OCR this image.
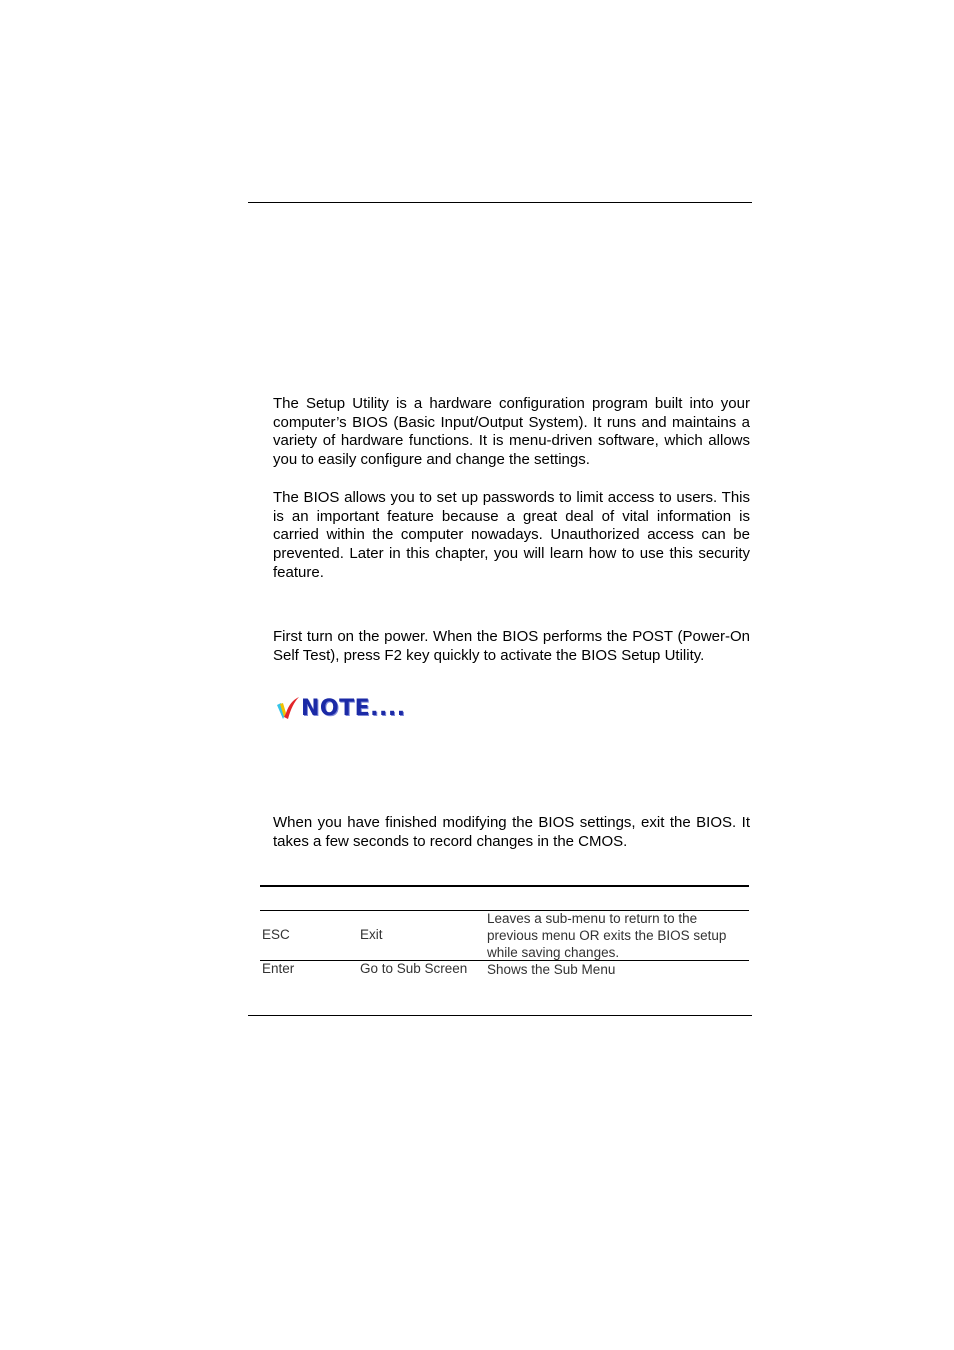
The Setup Utility is a hardware configuration program built into your computer’s BIOS (Basic Input/Output System). It runs and maintains a variety of hardware functions. It is menu-driven software, which allows you to easily configure and change the settings.

The BIOS allows you to set up passwords to limit access to users. This is an important feature because a great deal of vital information is carried within the computer nowadays. Unauthorized access can be prevented. Later in this chapter, you will learn how to use this security feature.

First turn on the power. When the BIOS performs the POST (Power-On Self Test), press F2 key quickly to activate the BIOS Setup Utility.

NOTE....

When you have finished modifying the BIOS settings, exit the BIOS. It takes a few seconds to record changes in the CMOS.

ESC	Exit
Leaves a sub-menu to return to the previous menu OR exits the BIOS setup while saving changes.
Enter	Go to Sub Screen Shows the Sub Menu
